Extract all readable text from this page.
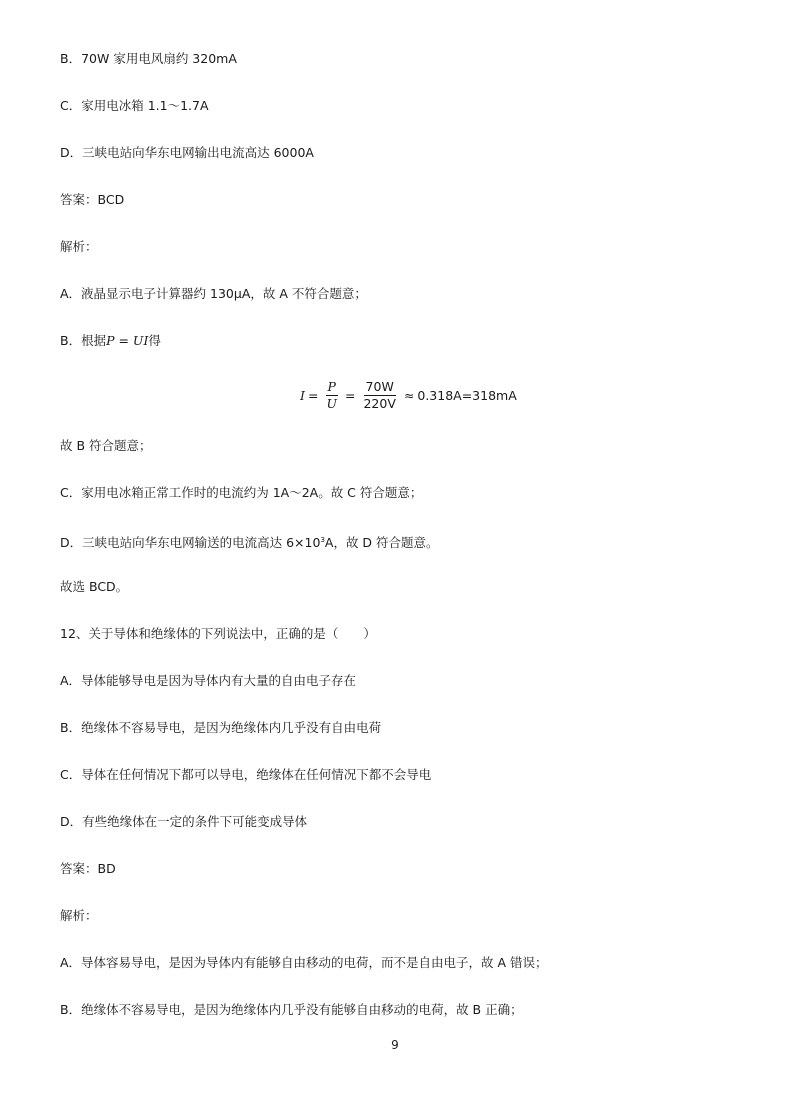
B．70W 家用电风扇约 320mA
C．家用电冰箱 1.1～1.7A
D．三峡电站向华东电网输出电流高达 6000A
答案：BCD
解析：
A．液晶显示电子计算器约 130μA，故 A 不符合题意；
B．根据P = UI得
$I = \frac{P}{U} = \frac{70W}{220V} \approx 0.318A=318mA$
故 B 符合题意；
C．家用电冰箱正常工作时的电流约为 1A～2A。故 C 符合题意；
D．三峡电站向华东电网输送的电流高达 $6\times 10^3A$，故 D 符合题意。
故选 BCD。
12、关于导体和绝缘体的下列说法中，正确的是（　　）
A．导体能够导电是因为导体内有大量的自由电子存在
B．绝缘体不容易导电，是因为绝缘体内几乎没有自由电荷
C．导体在任何情况下都可以导电，绝缘体在任何情况下都不会导电
D．有些绝缘体在一定的条件下可能变成导体
答案：BD
解析：
A．导体容易导电，是因为导体内有能够自由移动的电荷，而不是自由电子，故 A 错误；
B．绝缘体不容易导电，是因为绝缘体内几乎没有能够自由移动的电荷，故 B 正确；
9
